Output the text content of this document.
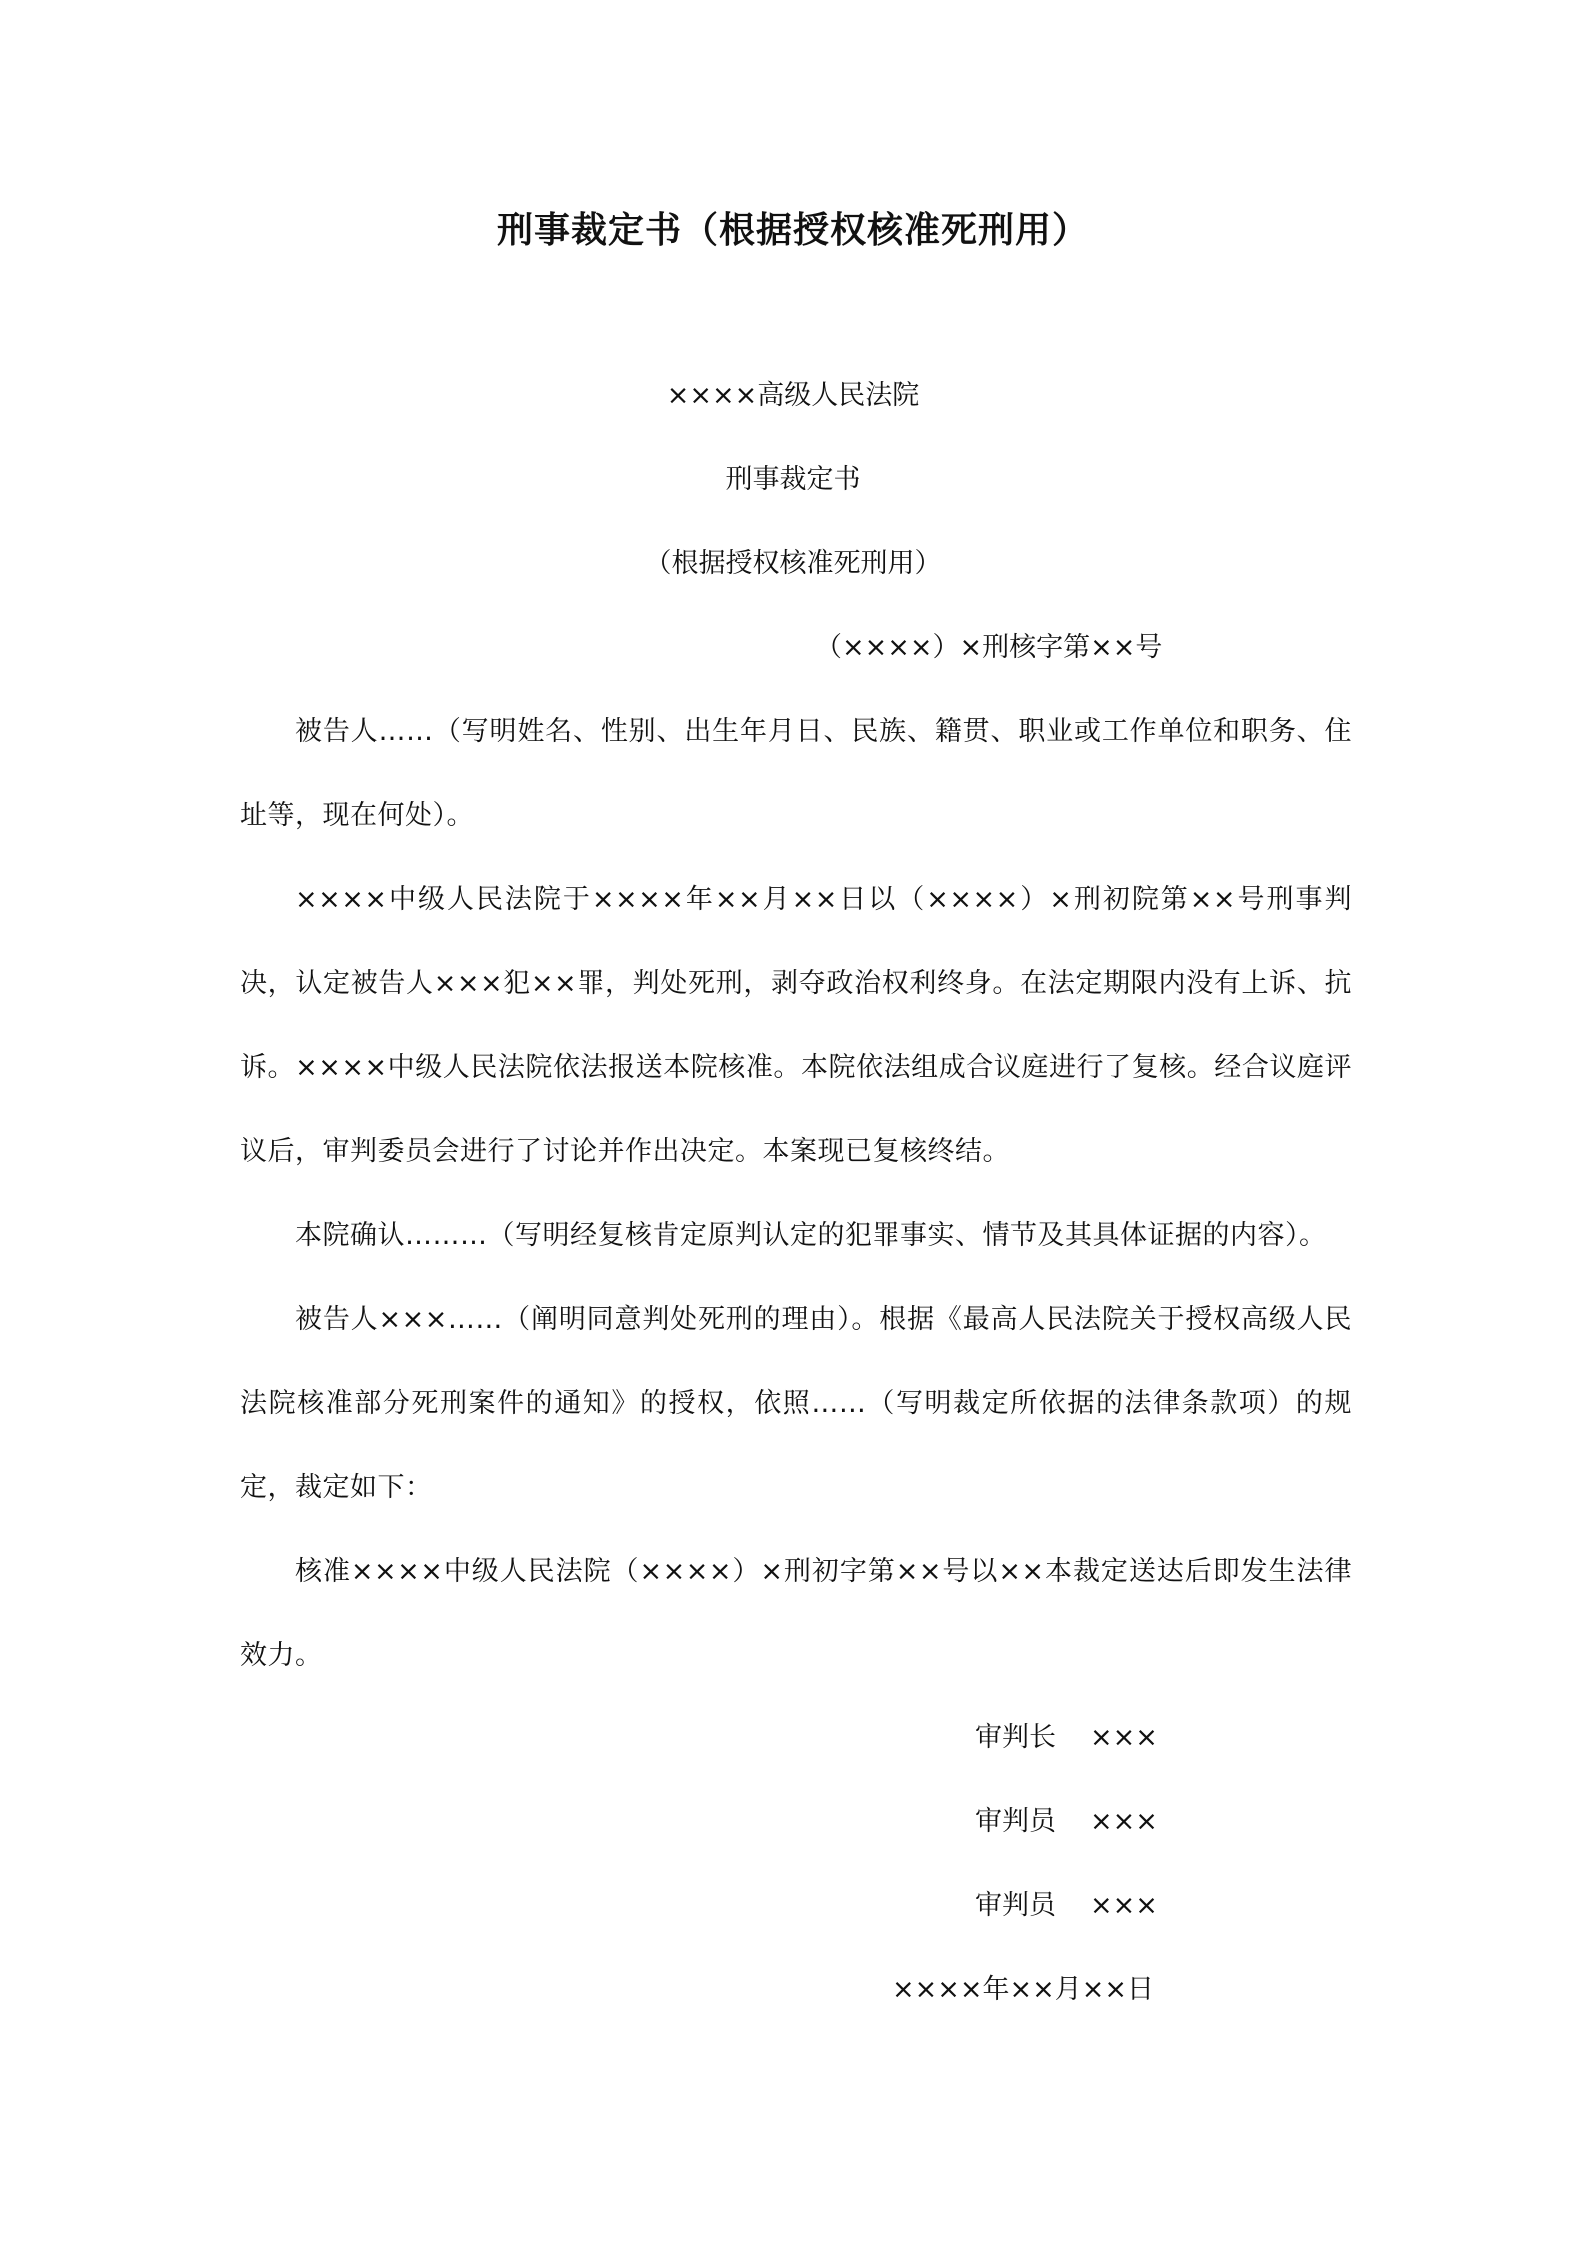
刑事裁定书（根据授权核准死刑用）
××××高级人民法院
刑事裁定书
（根据授权核准死刑用）
（××××）×刑核字第××号
被告人……（写明姓名、性别、出生年月日、民族、籍贯、职业或工作单位和职务、住址等，现在何处）。
××××中级人民法院于××××年××月××日以（××××）×刑初院第××号刑事判决，认定被告人×××犯××罪，判处死刑，剥夺政治权利终身。在法定期限内没有上诉、抗诉。××××中级人民法院依法报送本院核准。本院依法组成合议庭进行了复核。经合议庭评议后，审判委员会进行了讨论并作出决定。本案现已复核终结。
本院确认………（写明经复核肯定原判认定的犯罪事实、情节及其具体证据的内容）。
被告人×××……（阐明同意判处死刑的理由）。根据《最高人民法院关于授权高级人民法院核准部分死刑案件的通知》的授权，依照……（写明裁定所依据的法律条款项）的规定，裁定如下：
核准××××中级人民法院（××××）×刑初字第××号以××本裁定送达后即发生法律效力。
审判长 ×××
审判员 ×××
审判员 ×××
××××年××月××日
